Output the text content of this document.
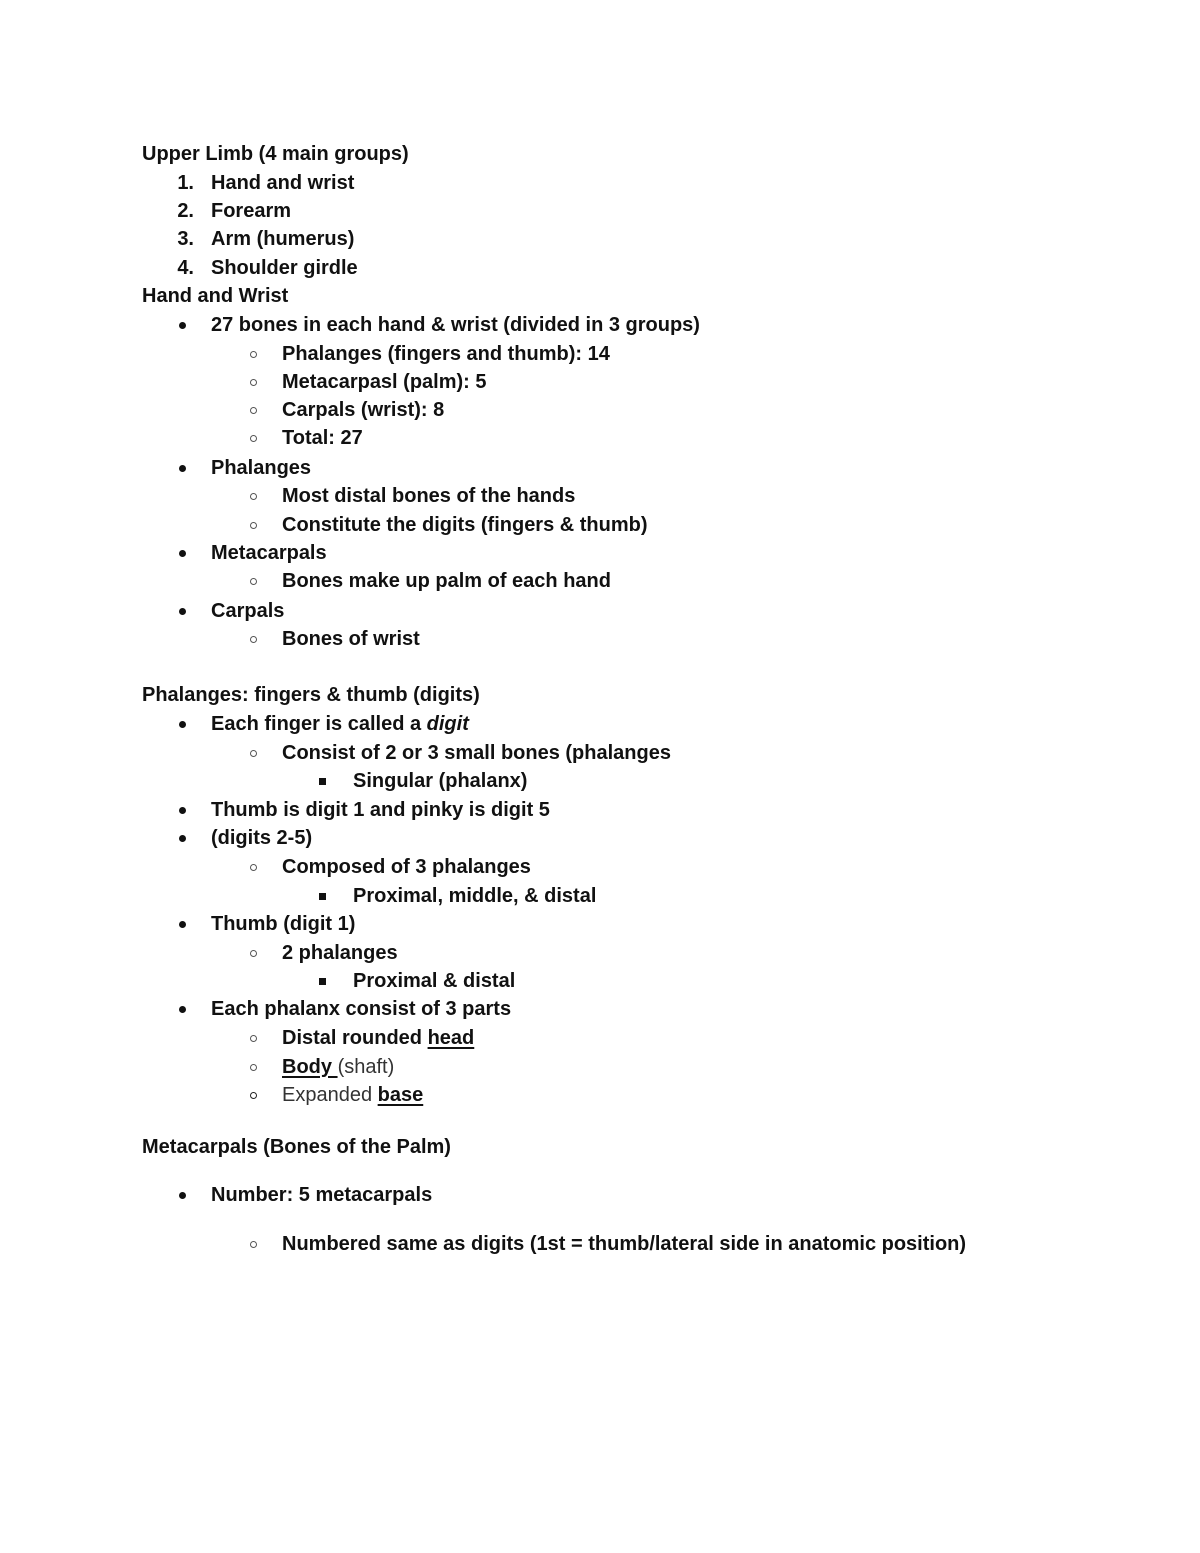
Upper Limb (4 main groups)
1. Hand and wrist
2. Forearm
3. Arm (humerus)
4. Shoulder girdle
Hand and Wrist
27 bones in each hand & wrist (divided in 3 groups)
Phalanges (fingers and thumb): 14
Metacarpasl (palm): 5
Carpals (wrist): 8
Total: 27
Phalanges
Most distal bones of the hands
Constitute the digits (fingers & thumb)
Metacarpals
Bones make up palm of each hand
Carpals
Bones of wrist
Phalanges: fingers & thumb (digits)
Each finger is called a digit
Consist of 2 or 3 small bones (phalanges
Singular (phalanx)
Thumb is digit 1 and pinky is digit 5
(digits 2-5)
Composed of 3 phalanges
Proximal, middle, & distal
Thumb (digit 1)
2 phalanges
Proximal & distal
Each phalanx consist of 3 parts
Distal rounded head
Body (shaft)
Expanded base
Metacarpals (Bones of the Palm)
Number: 5 metacarpals
Numbered same as digits (1st = thumb/lateral side in anatomic position)
